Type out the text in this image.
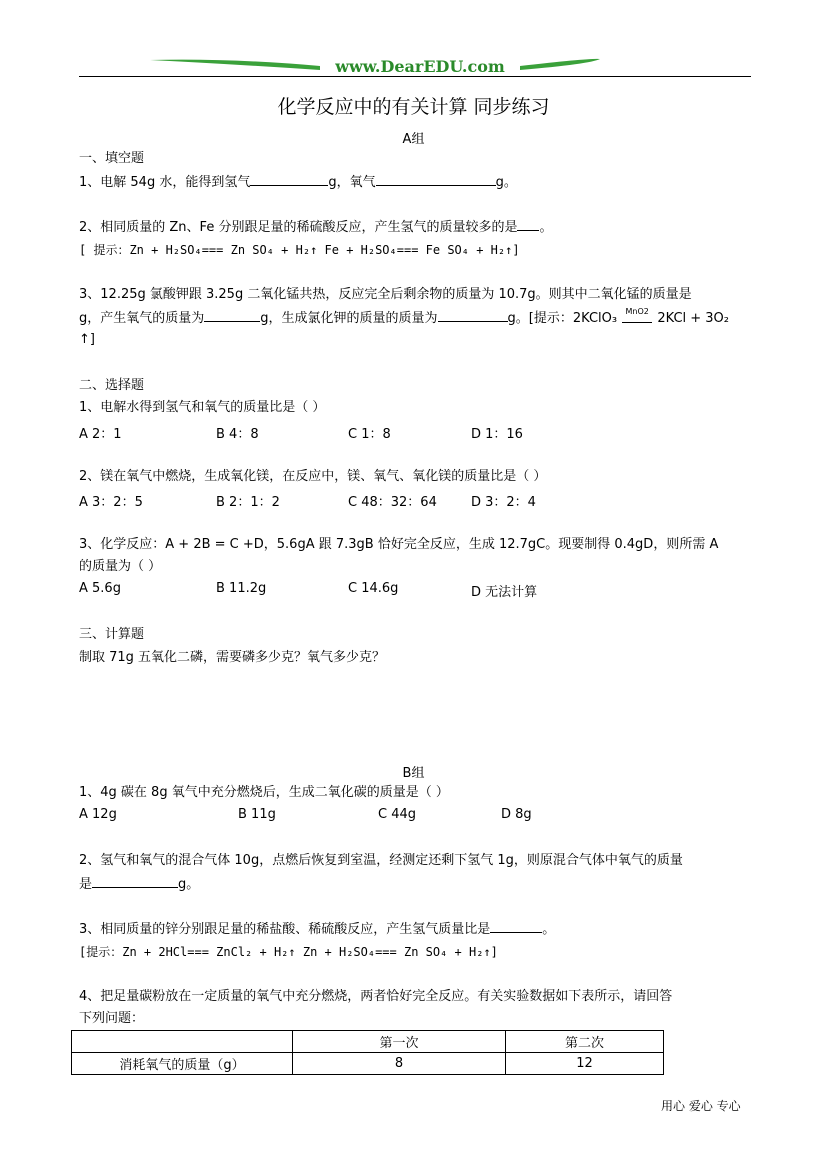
www.DearEDU.com
化学反应中的有关计算 同步练习
A组
一、填空题
1、电解 54g 水，能得到氢气	g，氧气	g。
2、相同质量的 Zn、Fe 分别跟足量的稀硫酸反应，产生氢气的质量较多的是 。
[ 提示：Zn + H₂SO₄=== Zn SO₄ + H₂↑ Fe + H₂SO₄=== Fe SO₄ + H₂↑]
3、12.25g 氯酸钾跟 3.25g 二氧化锰共热，反应完全后剩余物的质量为 10.7g。则其中二氧化锰的质量是
g，产生氧气的质量为	g，生成氯化钾的质量的质量为	g。[提示：2KClO₃	MnO2 2KCl + 3O₂
↑]
二、选择题
1、电解水得到氢气和氧气的质量比是（ ）
A 2：1	B 4：8	C 1：8	D 1：16
2、镁在氧气中燃烧，生成氧化镁，在反应中，镁、氧气、氧化镁的质量比是（ ）
A 3：2：5	B 2：1：2	C 48：32：64	D 3：2：4
3、化学反应：A + 2B = C +D，5.6gA 跟 7.3gB 恰好完全反应，生成 12.7gC。现要制得 0.4gD，则所需 A
的质量为（ ）
A 5.6g	B 11.2g	C 14.6g	D 无法计算
三、计算题
制取 71g 五氧化二磷，需要磷多少克？氧气多少克？
B组
1、4g 碳在 8g 氧气中充分燃烧后，生成二氧化碳的质量是（ ）
A 12g	B 11g	C 44g	D 8g
2、氢气和氧气的混合气体 10g，点燃后恢复到室温，经测定还剩下氢气 1g，则原混合气体中氧气的质量
是	g。
3、相同质量的锌分别跟足量的稀盐酸、稀硫酸反应，产生氢气质量比是	。
[提示：Zn + 2HCl=== ZnCl₂ + H₂↑ Zn + H₂SO₄=== Zn SO₄ + H₂↑]
4、把足量碳粉放在一定质量的氧气中充分燃烧，两者恰好完全反应。有关实验数据如下表所示，请回答
下列问题：
	第一次	第二次
消耗氧气的质量（g）	8	12
用心 爱心 专心
